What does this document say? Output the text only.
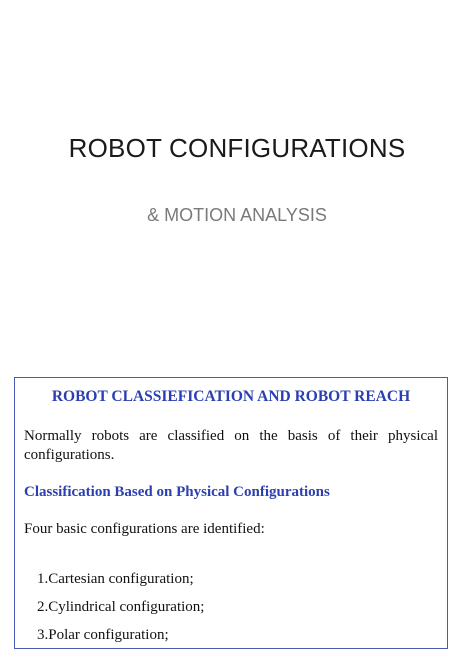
ROBOT CONFIGURATIONS
& MOTION ANALYSIS
ROBOT CLASSIEFICATION AND ROBOT REACH
Normally robots are classified on the basis of their physical configurations.
Classification Based on Physical Configurations
Four basic configurations are identified:
1.Cartesian configuration;
2.Cylindrical configuration;
3.Polar configuration;
